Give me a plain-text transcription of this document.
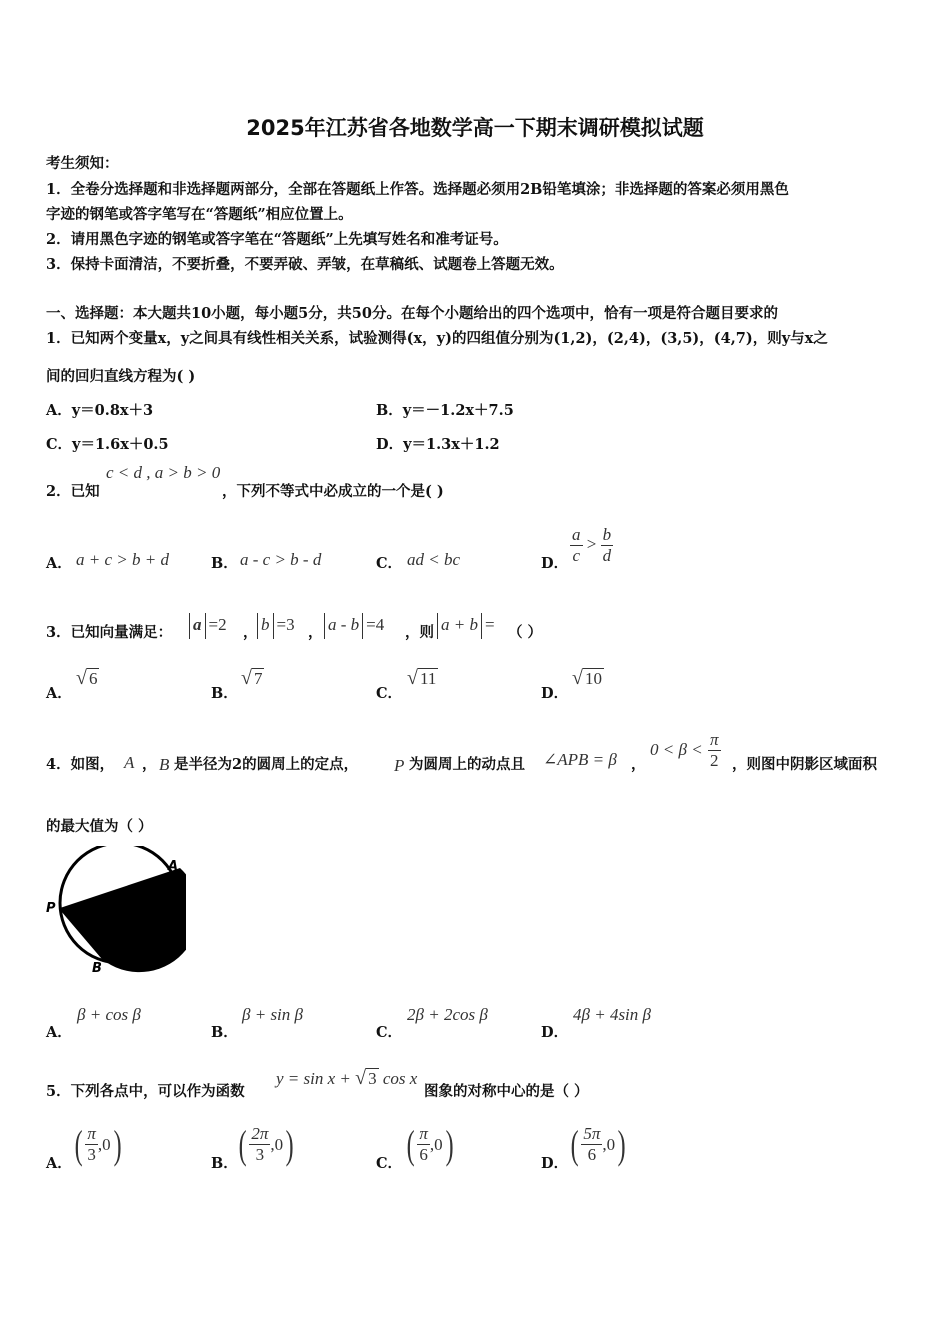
2025年江苏省各地数学高一下期末调研模拟试题
考生须知：
1．全卷分选择题和非选择题两部分，全部在答题纸上作答。选择题必须用2B铅笔填涂；非选择题的答案必须用黑色
字迹的钢笔或答字笔写在“答题纸”相应位置上。
2．请用黑色字迹的钢笔或答字笔在“答题纸”上先填写姓名和准考证号。
3．保持卡面清洁，不要折叠，不要弄破、弄皱，在草稿纸、试题卷上答题无效。
一、选择题：本大题共10小题，每小题5分，共50分。在每个小题给出的四个选项中，恰有一项是符合题目要求的
1．已知两个变量x，y之间具有线性相关关系，试验测得(x，y)的四组值分别为(1,2)，(2,4)，(3,5)，(4,7)，则y与x之
间的回归直线方程为( )
A．y＝0.8x＋3	B．y＝－1.2x＋7.5
C．y＝1.6x＋0.5	D．y＝1.3x＋1.2
2．已知
c < d , a > b > 0
，下列不等式中必成立的一个是( )
A． a + c > b + d	B． a - c > b - d	C． ad < bc	D． $\frac{a}{c} > \frac{b}{d}$
3．已知向量满足：	a =2 ， b =3 ， a - b =4 ，则 a + b = （ ）
A．
√ 6
B．
√ 7
C．
√ 11
D．
√ 10
4．如图， A ， B 是半径为2的圆周上的定点， P 为圆周上的动点且 ∠APB = β ，
$0 < \beta < \frac{\pi}{2}$ ，则图中阴影区域面积
的最大值为（ ）
A
P
B
A．
β + cos β
B．
β + sin β
C．
2β + 2cos β
D．
4β + 4sin β
5．下列各点中，可以作为函数
y = sin x + √ 3 cos x
图象的对称中心的是（ ）
A． ( $\frac{\pi}{3} ,0$ )	B． ( $\frac{2\pi}{3} ,0$ )	C． ( $\frac{\pi}{6} ,0$ )	D． ( $\frac{5\pi}{6} ,0$ )
